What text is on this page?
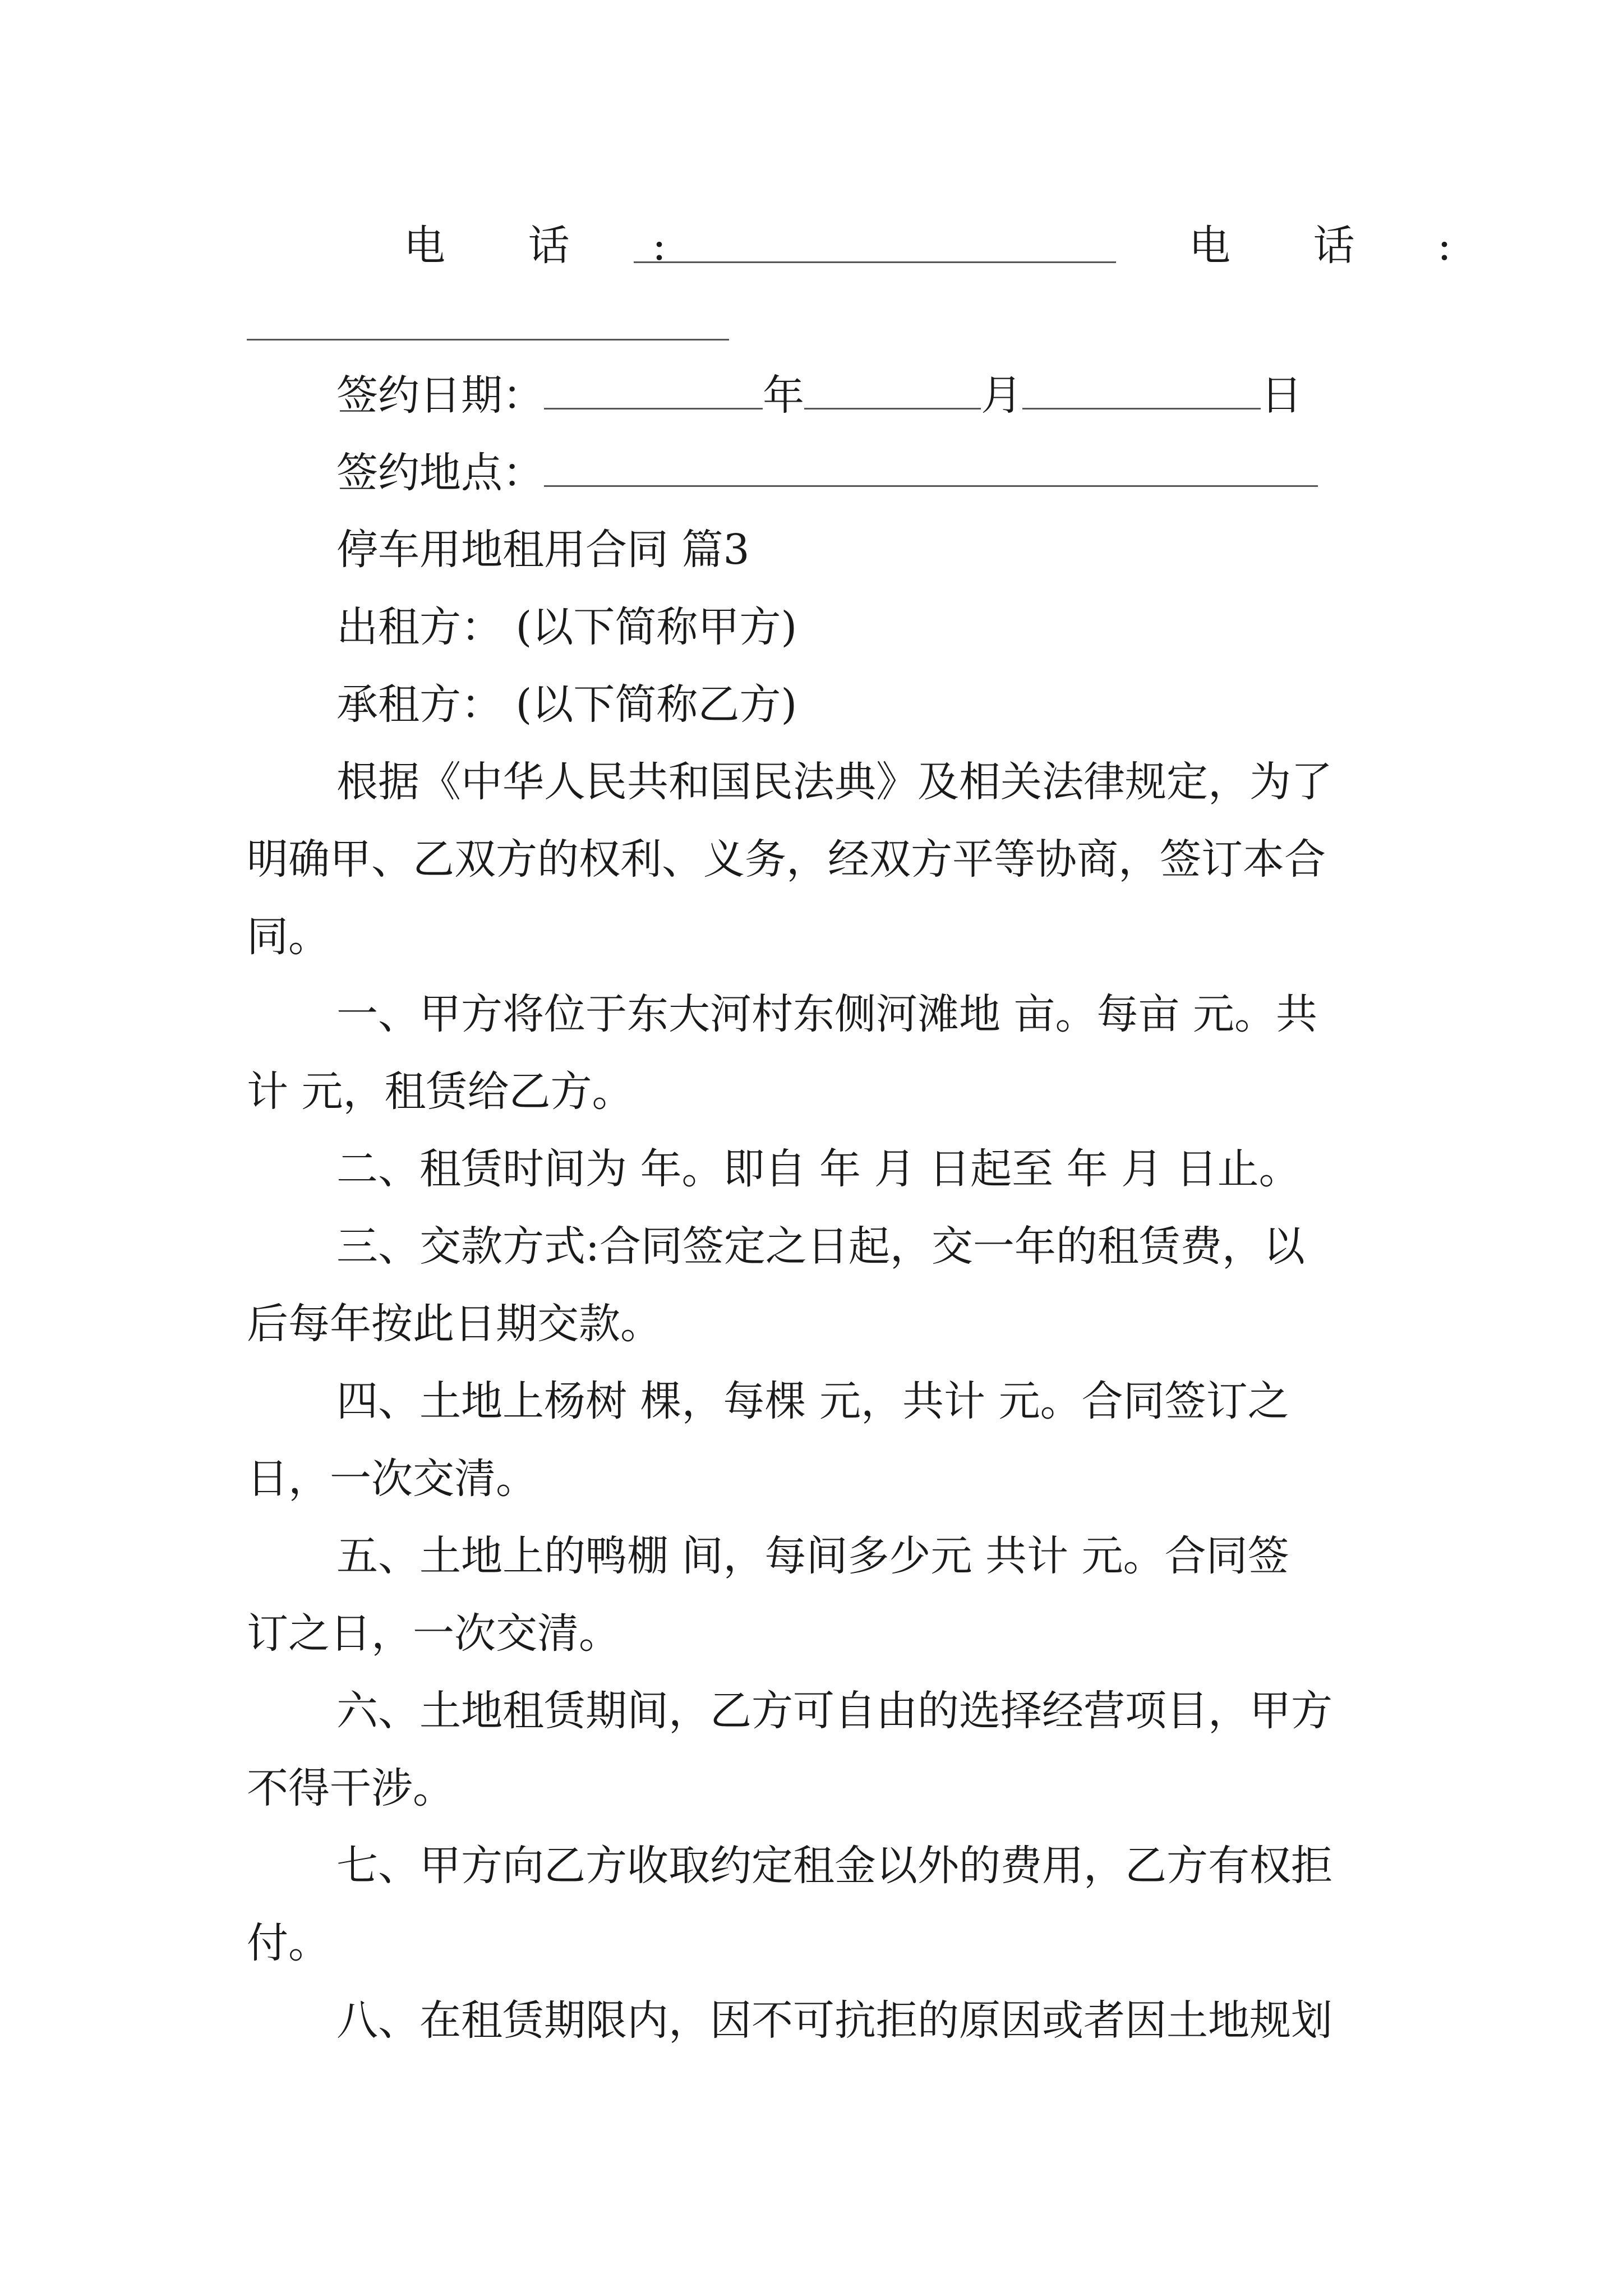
电 话 :	电 话 :
签约日期：	年	月	日
签约地点：
停车用地租用合同 篇3
出租方： (以下简称甲方)
承租方： (以下简称乙方)
根据《中华人民共和国民法典》及相关法律规定，为了
明确甲、乙双方的权利、义务，经双方平等协商，签订本合
同。
一、甲方将位于东大河村东侧河滩地 亩。每亩 元。共
计 元，租赁给乙方。
二、租赁时间为 年。即自 年 月 日起至 年 月 日止。
三、交款方式:合同签定之日起，交一年的租赁费，以
后每年按此日期交款。
四、土地上杨树 棵，每棵 元，共计 元。合同签订之
日，一次交清。
五、土地上的鸭棚 间，每间多少元 共计 元。合同签
订之日，一次交清。
六、土地租赁期间，乙方可自由的选择经营项目，甲方
不得干涉。
七、甲方向乙方收取约定租金以外的费用，乙方有权拒
付。
八、在租赁期限内，因不可抗拒的原因或者因土地规划
